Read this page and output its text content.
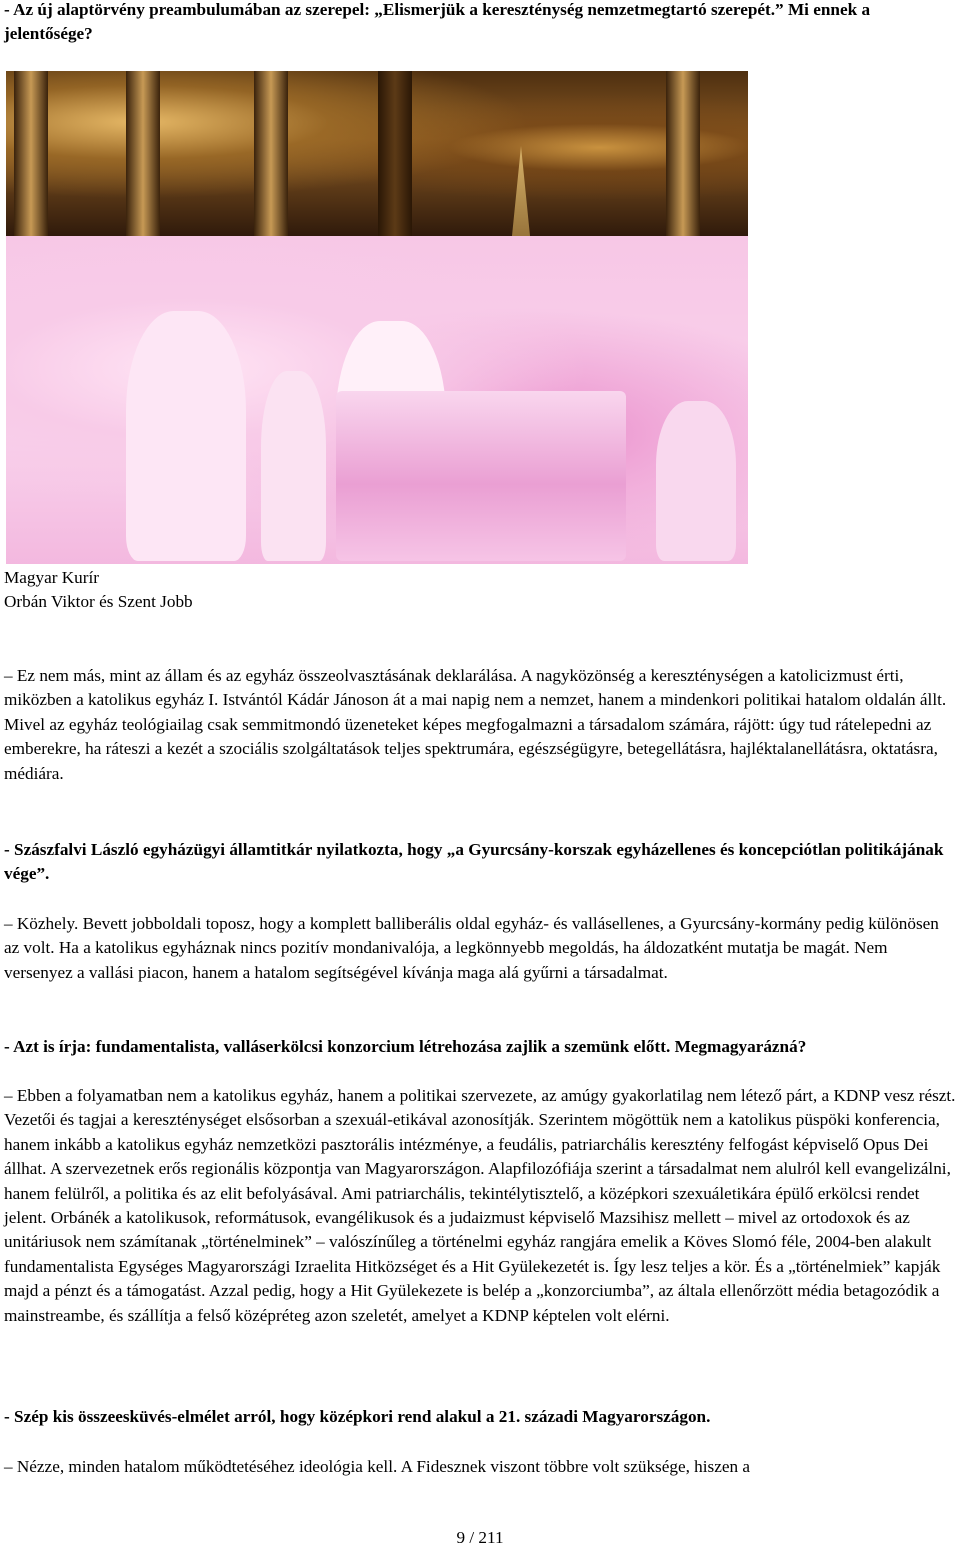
- Az új alaptörvény preambulumában az szerepel: „Elismerjük a kereszténység nemzetmegtartó szerepét.” Mi ennek a jelentősége?

Magyar Kurír

Orbán Viktor és Szent Jobb

– Ez nem más, mint az állam és az egyház összeolvasztásának deklarálása. A nagyközönség a kereszténységen a katolicizmust érti, miközben a katolikus egyház I. Istvántól Kádár Jánoson át a mai napig nem a nemzet, hanem a mindenkori politikai hatalom oldalán állt. Mivel az egyház teológiailag csak semmitmondó üzeneteket képes megfogalmazni a társadalom számára, rájött: úgy tud rátelepedni az emberekre, ha ráteszi a kezét a szociális szolgáltatások teljes spektrumára, egészségügyre, betegellátásra, hajléktalanellátásra, oktatásra, médiára.

- Szászfalvi László egyházügyi államtitkár nyilatkozta, hogy „a Gyurcsány-korszak egyházellenes és koncepciótlan politikájának vége”.

– Közhely. Bevett jobboldali toposz, hogy a komplett balliberális oldal egyház- és vallásellenes, a Gyurcsány-kormány pedig különösen az volt. Ha a katolikus egyháznak nincs pozitív mondanivalója, a legkönnyebb megoldás, ha áldozatként mutatja be magát. Nem versenyez a vallási piacon, hanem a hatalom segítségével kívánja maga alá gyűrni a társadalmat.

- Azt is írja: fundamentalista, valláserkölcsi konzorcium létrehozása zajlik a szemünk előtt. Megmagyarázná?

– Ebben a folyamatban nem a katolikus egyház, hanem a politikai szervezete, az amúgy gyakorlatilag nem létező párt, a KDNP vesz részt. Vezetői és tagjai a kereszténységet elsősorban a szexuál-etikával azonosítják. Szerintem mögöttük nem a katolikus püspöki konferencia, hanem inkább a katolikus egyház nemzetközi pasztorális intézménye, a feudális, patriarchális keresztény felfogást képviselő Opus Dei állhat. A szervezetnek erős regionális központja van Magyarországon. Alapfilozófiája szerint a társadalmat nem alulról kell evangelizálni, hanem felülről, a politika és az elit befolyásával. Ami patriarchális, tekintélytisztelő, a középkori szexuáletikára épülő erkölcsi rendet jelent. Orbánék a katolikusok, reformátusok, evangélikusok és a judaizmust képviselő Mazsihisz mellett – mivel az ortodoxok és az unitáriusok nem számítanak „történelminek” – valószínűleg a történelmi egyház rangjára emelik a Köves Slomó féle, 2004-ben alakult fundamentalista Egységes Magyarországi Izraelita Hitközséget és a Hit Gyülekezetét is. Így lesz teljes a kör. És a „történelmiek” kapják majd a pénzt és a támogatást. Azzal pedig, hogy a Hit Gyülekezete is belép a „konzorciumba”, az általa ellenőrzött média betagozódik a mainstreambe, és szállítja a felső középréteg azon szeletét, amelyet a KDNP képtelen volt elérni.

- Szép kis összeesküvés-elmélet arról, hogy középkori rend alakul a 21. századi Magyarországon.

– Nézze, minden hatalom működtetéséhez ideológia kell. A Fidesznek viszont többre volt szüksége, hiszen a

9 / 211
